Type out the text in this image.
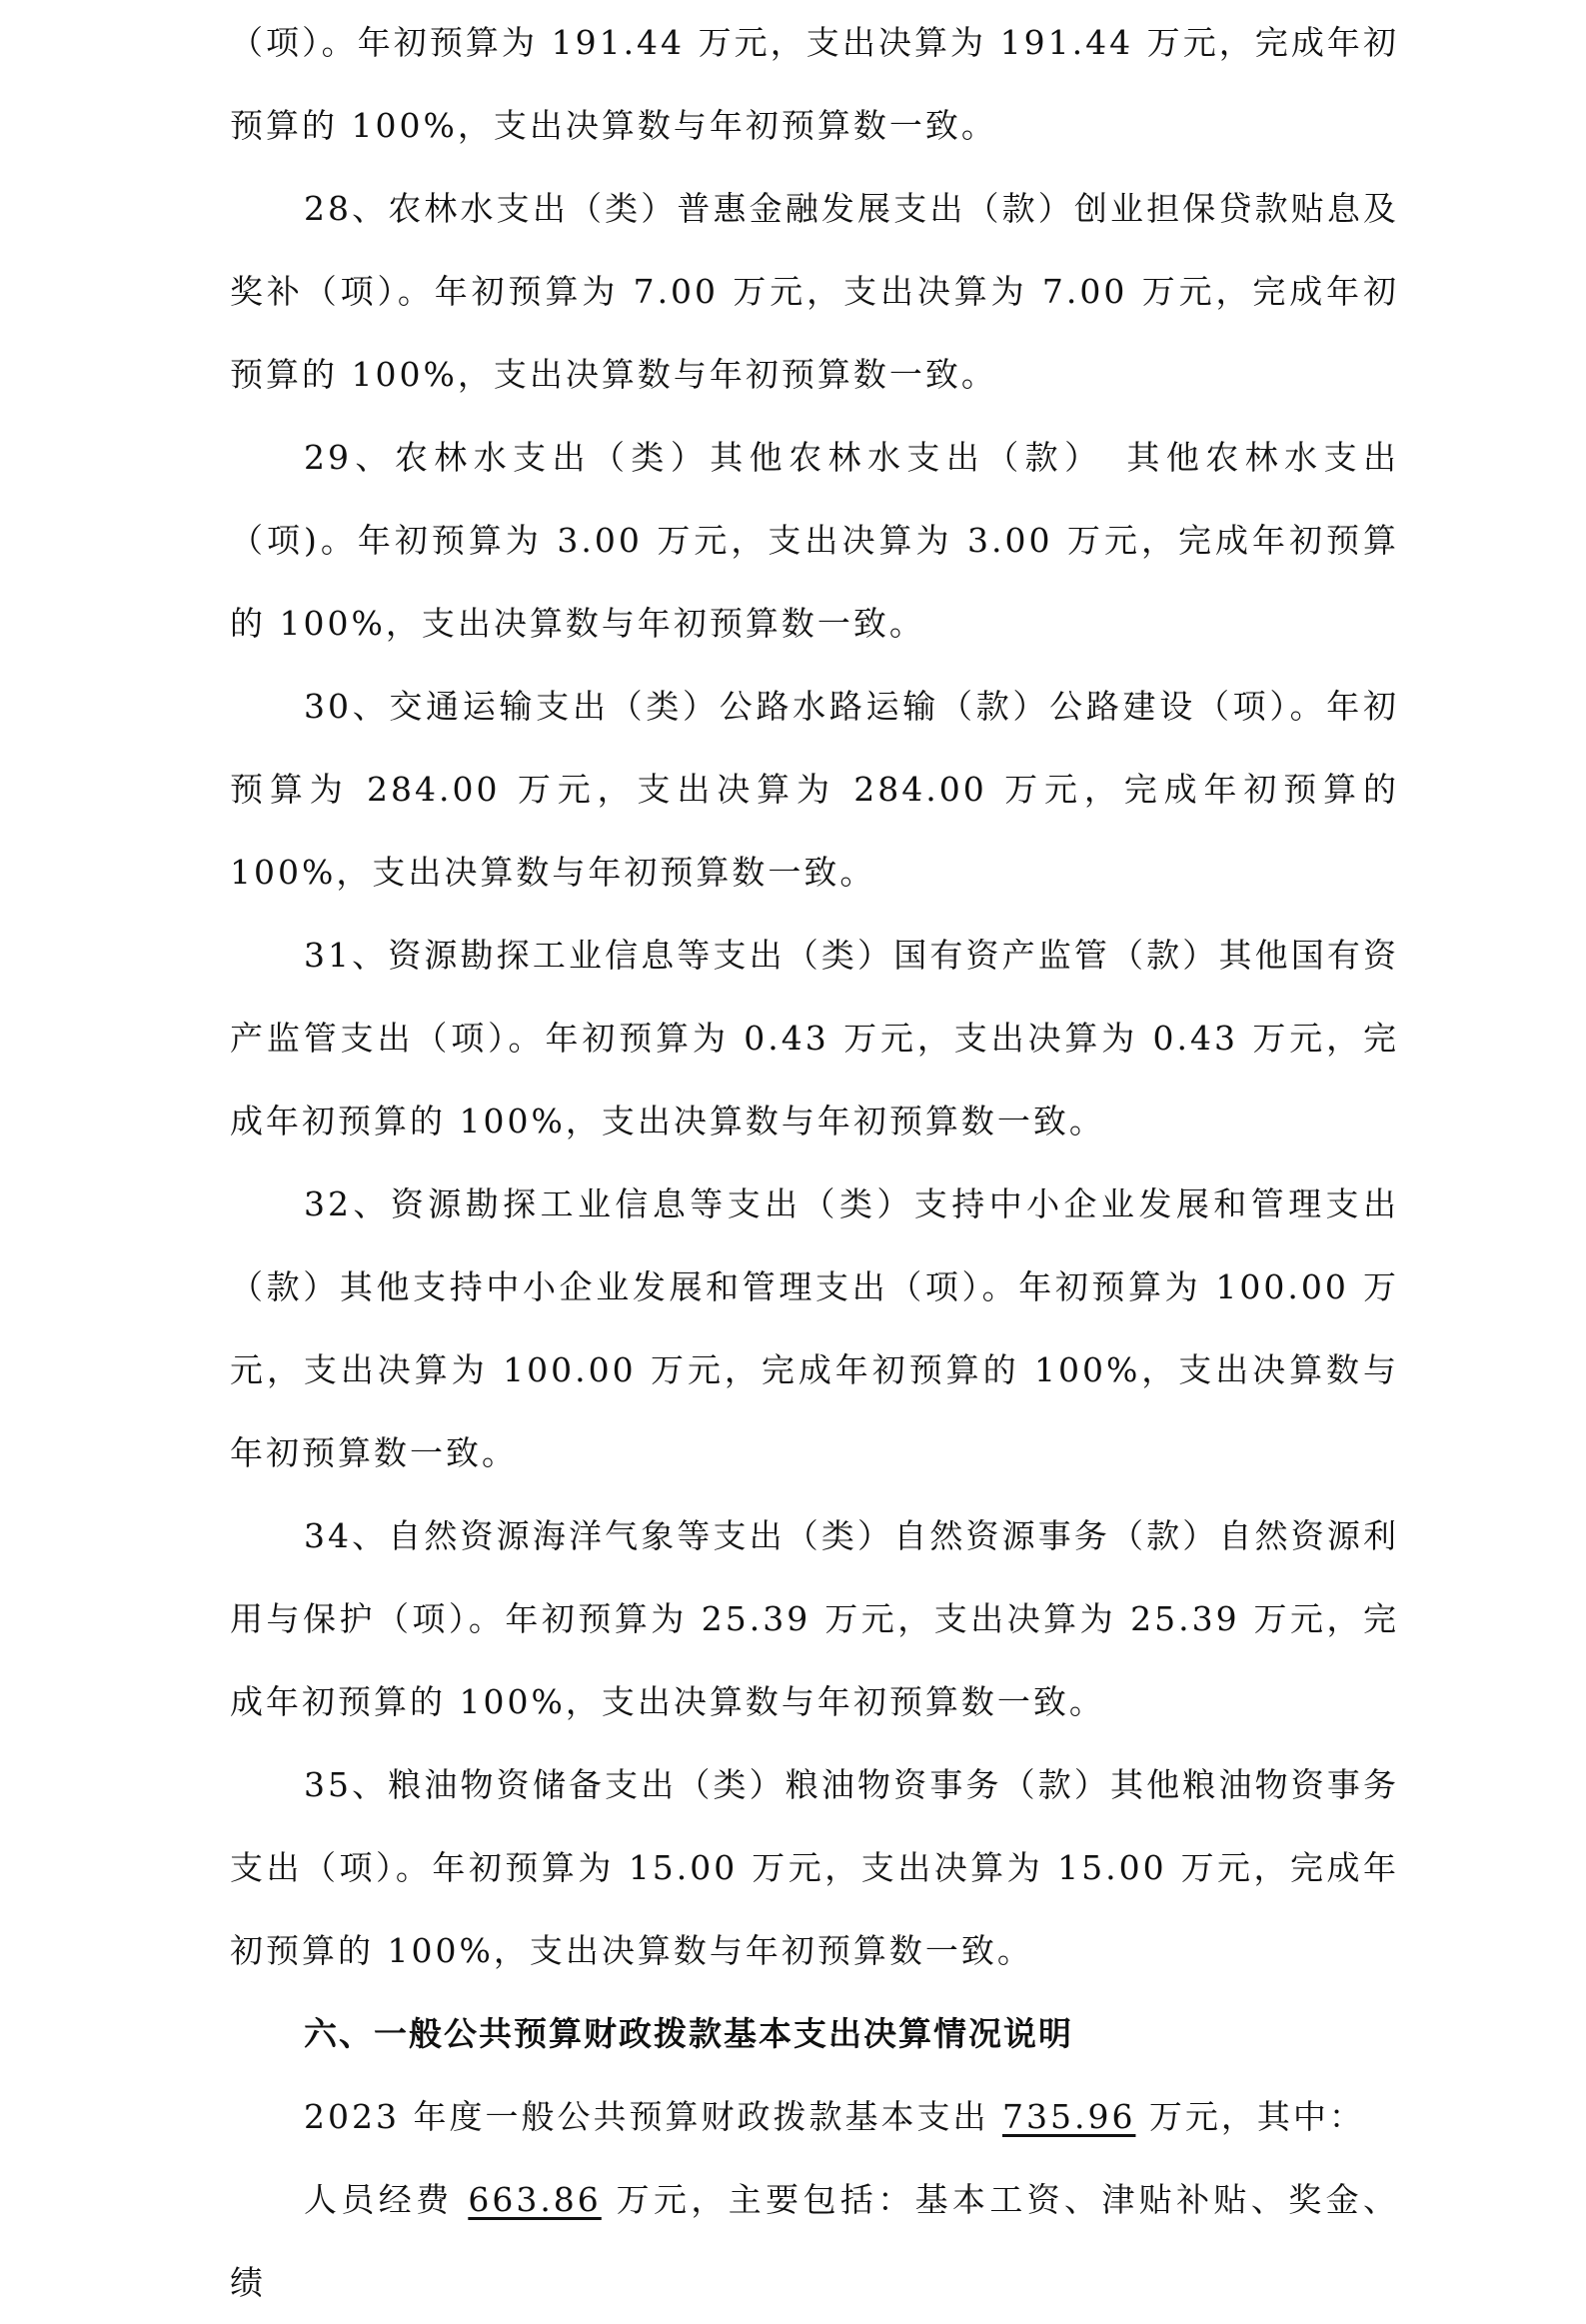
（项）。年初预算为 191.44 万元，支出决算为 191.44 万元，完成年初预算的 100%，支出决算数与年初预算数一致。

28、农林水支出（类）普惠金融发展支出（款）创业担保贷款贴息及奖补（项）。年初预算为 7.00 万元，支出决算为 7.00 万元，完成年初预算的 100%，支出决算数与年初预算数一致。

29、农林水支出（类）其他农林水支出（款）　其他农林水支出（项)。年初预算为 3.00 万元，支出决算为 3.00 万元，完成年初预算的 100%，支出决算数与年初预算数一致。

30、交通运输支出（类）公路水路运输（款）公路建设（项）。年初预算为 284.00 万元，支出决算为 284.00 万元，完成年初预算的 100%，支出决算数与年初预算数一致。

31、资源勘探工业信息等支出（类）国有资产监管（款）其他国有资产监管支出（项）。年初预算为 0.43 万元，支出决算为 0.43 万元，完成年初预算的 100%，支出决算数与年初预算数一致。

32、资源勘探工业信息等支出（类）支持中小企业发展和管理支出（款）其他支持中小企业发展和管理支出（项）。年初预算为 100.00 万元，支出决算为 100.00 万元，完成年初预算的 100%，支出决算数与年初预算数一致。

34、自然资源海洋气象等支出（类）自然资源事务（款）自然资源利用与保护（项）。年初预算为 25.39 万元，支出决算为 25.39 万元，完成年初预算的 100%，支出决算数与年初预算数一致。

35、粮油物资储备支出（类）粮油物资事务（款）其他粮油物资事务支出（项）。年初预算为 15.00 万元，支出决算为 15.00 万元，完成年初预算的 100%，支出决算数与年初预算数一致。

六、一般公共预算财政拨款基本支出决算情况说明

2023 年度一般公共预算财政拨款基本支出 735.96 万元，其中：

人员经费 663.86 万元，主要包括：基本工资、津贴补贴、奖金、绩
